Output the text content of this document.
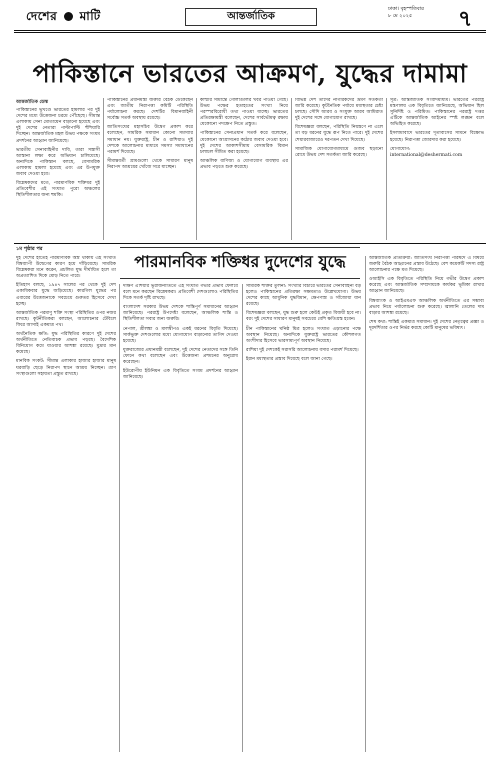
দেশের মাটি	আন্তর্জাতিক
ঢাকা। বৃহস্পতিবার
৮ মে ২০২৫	৭
পাকিস্তানে ভারতের আক্রমণ, যুদ্ধের দামামা
আন্তর্জাতিক ডেস্ক

পাকিস্তানের ভূখণ্ডে ভারতের হামলার পর দুই দেশের মধ্যে উত্তেজনা চরমে পৌঁছেছে। সীমান্ত এলাকায় সেনা মোতায়েন বাড়ানো হয়েছে এবং দুই দেশের নেতারা পাল্টাপাল্টি হুঁশিয়ারি দিচ্ছেন। আন্তর্জাতিক মহল উভয় পক্ষকে সংযম প্রদর্শনের আহ্বান জানিয়েছে।

ভারতীয় সেনাবাহিনীর দাবি, তারা সন্ত্রাসী আস্তানা লক্ষ্য করে অভিযান চালিয়েছে। অন্যদিকে পাকিস্তান বলছে, বেসামরিক এলাকায় হামলা হয়েছে এবং এর উপযুক্ত জবাব দেওয়া হবে।

বিশ্লেষকদের মতে, পারমাণবিক শক্তিধর দুই প্রতিবেশীর এই সংঘাত পুরো অঞ্চলের স্থিতিশীলতার জন্য হুমকি।

পাকিস্তানের প্রধানমন্ত্রী জরুরি বৈঠক ডেকেছেন এবং জাতীয় নিরাপত্তা কমিটি পরিস্থিতি পর্যালোচনা করছে। দেশটির বিমানবাহিনী সর্বোচ্চ সতর্ক অবস্থায় রয়েছে।

জাতিসংঘের মহাসচিব উদ্বেগ প্রকাশ করে বলেছেন, সামরিক সমাধান কোনো সমস্যার সমাধান নয়। যুক্তরাষ্ট্র, চীন ও রাশিয়াও দুই দেশকে আলোচনার মাধ্যমে সমস্যা সমাধানের পরামর্শ দিয়েছে।

সীমান্তবর্তী গ্রামগুলো থেকে সাধারণ মানুষ নিরাপদ আশ্রয়ের খোঁজে সরে যাচ্ছেন।

কাশ্মীর সীমান্তে গোলাগুলির খবর পাওয়া গেছে। উভয় পক্ষের হতাহতের সংখ্যা নিয়ে পরস্পরবিরোধী তথ্য পাওয়া যাচ্ছে। ভারতের প্রতিরক্ষামন্ত্রী বলেছেন, দেশের সার্বভৌমত্ব রক্ষায় যেকোনো পদক্ষেপ নিতে প্রস্তুত।

পাকিস্তানের সেনাপ্রধান সতর্ক করে বলেছেন, যেকোনো আগ্রাসনের কঠোর জবাব দেওয়া হবে। দুই দেশের আকাশসীমায় বেসামরিক বিমান চলাচল সীমিত করা হয়েছে।

আঞ্চলিক বাণিজ্য ও যোগাযোগ ব্যবস্থায় এর প্রভাব পড়তে শুরু করেছে।

বিভিন্ন দেশ তাদের নাগরিকদের ভ্রমণ সতর্কতা জারি করেছে। কূটনৈতিক পর্যায়ে মধ্যস্থতার চেষ্টা চলছে। সৌদি আরব ও সংযুক্ত আরব আমিরাত দুই দেশের সঙ্গে যোগাযোগ রাখছে।

বিশেষজ্ঞরা বলছেন, পরিস্থিতি নিয়ন্ত্রণে না এলে তা বড় ধরনের যুদ্ধে রূপ নিতে পারে। দুই দেশের শেয়ারবাজারেও দরপতন দেখা দিয়েছে।

সামাজিক যোগাযোগমাধ্যমে গুজব ছড়ানো রোধে উভয় দেশ সতর্কতা জারি করেছে।

সূত্র: আন্তর্জাতিক সংবাদমাধ্যম। ভারতের পররাষ্ট্র মন্ত্রণালয় এক বিবৃতিতে জানিয়েছে, অভিযান ছিল সুনির্দিষ্ট ও পরিমিত। পাকিস্তানের পররাষ্ট্র দপ্তর এটিকে আন্তর্জাতিক আইনের স্পষ্ট লঙ্ঘন বলে অভিহিত করেছে।

ইসলামাবাদে ভারতের দূতাবাসের সামনে বিক্ষোভ হয়েছে। নিরাপত্তা জোরদার করা হয়েছে।

যোগাযোগ: international@deshermati.com

১ম পৃষ্ঠার পর
পারমানবিক শক্তিধর দুদেশের যুদ্ধে

দুই দেশের হাতেই পারমাণবিক অস্ত্র থাকায় এই সংঘাত বিশ্বব্যাপী উদ্বেগের কারণ হয়ে দাঁড়িয়েছে। সামরিক বিশ্লেষকরা মনে করেন, প্রচলিত যুদ্ধ দীর্ঘায়িত হলে তা অপ্রত্যাশিত দিকে মোড় নিতে পারে।

ইতিহাস বলছে, ১৯৪৭ সালের পর থেকে দুই দেশ একাধিকবার যুদ্ধে জড়িয়েছে। কারগিল যুদ্ধের পর এবারের উত্তেজনাকে সবচেয়ে গুরুতর হিসেবে দেখা হচ্ছে।

আন্তর্জাতিক পরমাণু শক্তি সংস্থা পরিস্থিতির ওপর নজর রাখছে। কূটনীতিকরা বলছেন, আলোচনার টেবিলে ফিরে আসাই একমাত্র পথ।

অর্থনৈতিক ক্ষতি: যুদ্ধ পরিস্থিতির কারণে দুই দেশের অর্থনীতিতে নেতিবাচক প্রভাব পড়ছে। বৈদেশিক বিনিয়োগ কমে যাওয়ার আশঙ্কা রয়েছে। মুদ্রার মান কমেছে।

মানবিক সংকট: সীমান্ত এলাকার হাজার হাজার মানুষ ঘরবাড়ি ছেড়ে নিরাপদ স্থানে আশ্রয় নিচ্ছেন। ত্রাণ সংস্থাগুলো সহায়তা প্রস্তুত রাখছে।

দক্ষিণ এশিয়ার ভূরাজনীতিতে এই সংঘাত গভীর প্রভাব ফেলবে বলে মনে করছেন বিশ্লেষকরা। প্রতিবেশী দেশগুলোও পরিস্থিতির দিকে সতর্ক দৃষ্টি রাখছে।

বাংলাদেশ সরকার উভয় দেশকে শান্তিপূর্ণ সমাধানের আহ্বান জানিয়েছে। পররাষ্ট্র উপদেষ্টা বলেছেন, আঞ্চলিক শান্তি ও স্থিতিশীলতা সবার জন্য জরুরি।

নেপাল, শ্রীলঙ্কা ও মালদ্বীপও একই ধরনের বিবৃতি দিয়েছে। সার্কভুক্ত দেশগুলোর মধ্যে যোগাযোগ বাড়ানোর তাগিদ দেওয়া হয়েছে।

যুক্তরাজ্যের প্রধানমন্ত্রী বলেছেন, দুই দেশের নেতাদের সঙ্গে তিনি ফোনে কথা বলেছেন এবং উত্তেজনা প্রশমনের অনুরোধ করেছেন।

ইউরোপীয় ইউনিয়ন এক বিবৃতিতে সংযম প্রদর্শনের আহ্বান জানিয়েছে।

সামরিক শক্তির তুলনা: সংখ্যার বিচারে ভারতের সেনাবাহিনী বড় হলেও পাকিস্তানের প্রতিরক্ষা সক্ষমতাও উল্লেখযোগ্য। উভয় দেশের কাছে আধুনিক যুদ্ধবিমান, ক্ষেপণাস্ত্র ও সাঁজোয়া যান রয়েছে।

বিশেষজ্ঞরা বলছেন, যুদ্ধ শুরু হলে কেউই প্রকৃত বিজয়ী হবে না। বরং দুই দেশের সাধারণ মানুষই সবচেয়ে বেশি ক্ষতিগ্রস্ত হবেন।

চীন পাকিস্তানের ঘনিষ্ঠ মিত্র হলেও সংঘাত এড়ানোর পক্ষে অবস্থান নিয়েছে। অন্যদিকে যুক্তরাষ্ট্র ভারতের কৌশলগত অংশীদার হিসেবে ভারসাম্যপূর্ণ অবস্থান নিয়েছে।

রাশিয়া দুই দেশকেই সরাসরি আলোচনায় বসার পরামর্শ দিয়েছে।

ইরান মধ্যস্থতার প্রস্তাব দিয়েছে বলে জানা গেছে।

আন্তর্জাতিক প্রতিক্রিয়া: জাতিসংঘ নিরাপত্তা পরিষদে এ বিষয়ে জরুরি বৈঠক আহ্বানের প্রস্তাব উঠেছে। বেশ কয়েকটি সদস্য রাষ্ট্র আলোচনার পক্ষে মত দিয়েছে।

ওআইসি এক বিবৃতিতে পরিস্থিতি নিয়ে গভীর উদ্বেগ প্রকাশ করেছে এবং আন্তর্জাতিক সম্প্রদায়কে কার্যকর ভূমিকা রাখার আহ্বান জানিয়েছে।

বিশ্বব্যাংক ও আইএমএফ আঞ্চলিক অর্থনীতিতে এর সম্ভাব্য প্রভাব নিয়ে পর্যালোচনা শুরু করেছে। জ্বালানি তেলের দাম বাড়ার আশঙ্কা রয়েছে।

শেষ কথা: শান্তিই একমাত্র সমাধান। দুই দেশের নেতৃত্বের প্রজ্ঞা ও দূরদর্শিতার ওপর নির্ভর করছে কোটি মানুষের ভবিষ্যৎ।
